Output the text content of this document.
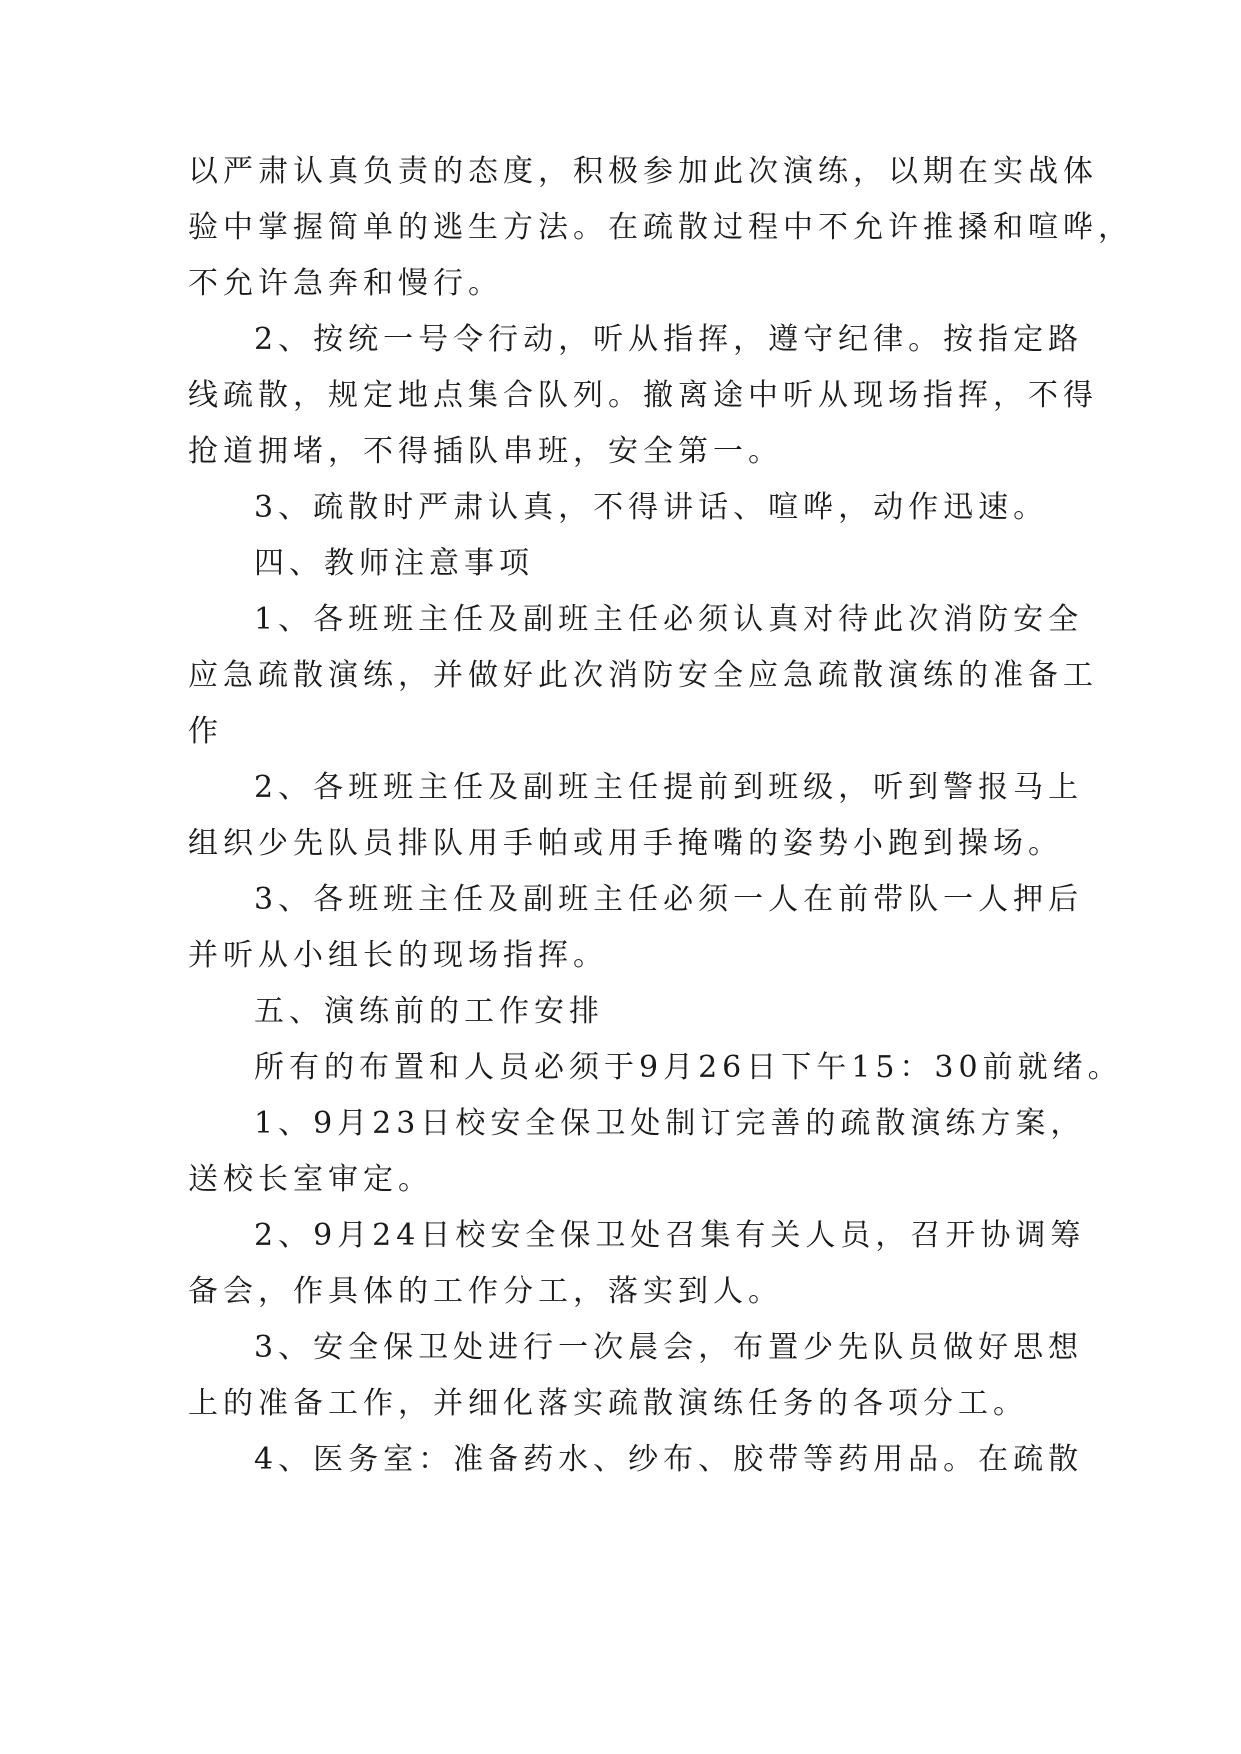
以严肃认真负责的态度，积极参加此次演练，以期在实战体
验中掌握简单的逃生方法。在疏散过程中不允许推搡和喧哗，
不允许急奔和慢行。
2、按统一号令行动，听从指挥，遵守纪律。按指定路
线疏散，规定地点集合队列。撤离途中听从现场指挥，不得
抢道拥堵，不得插队串班，安全第一。
3、疏散时严肃认真，不得讲话、喧哗，动作迅速。
四、教师注意事项
1、各班班主任及副班主任必须认真对待此次消防安全
应急疏散演练，并做好此次消防安全应急疏散演练的准备工
作
2、各班班主任及副班主任提前到班级，听到警报马上
组织少先队员排队用手帕或用手掩嘴的姿势小跑到操场。
3、各班班主任及副班主任必须一人在前带队一人押后
并听从小组长的现场指挥。
五、演练前的工作安排
所有的布置和人员必须于9月26日下午15：30前就绪。
1、9月23日校安全保卫处制订完善的疏散演练方案，
送校长室审定。
2、9月24日校安全保卫处召集有关人员，召开协调筹
备会，作具体的工作分工，落实到人。
3、安全保卫处进行一次晨会，布置少先队员做好思想
上的准备工作，并细化落实疏散演练任务的各项分工。
4、医务室：准备药水、纱布、胶带等药用品。在疏散
